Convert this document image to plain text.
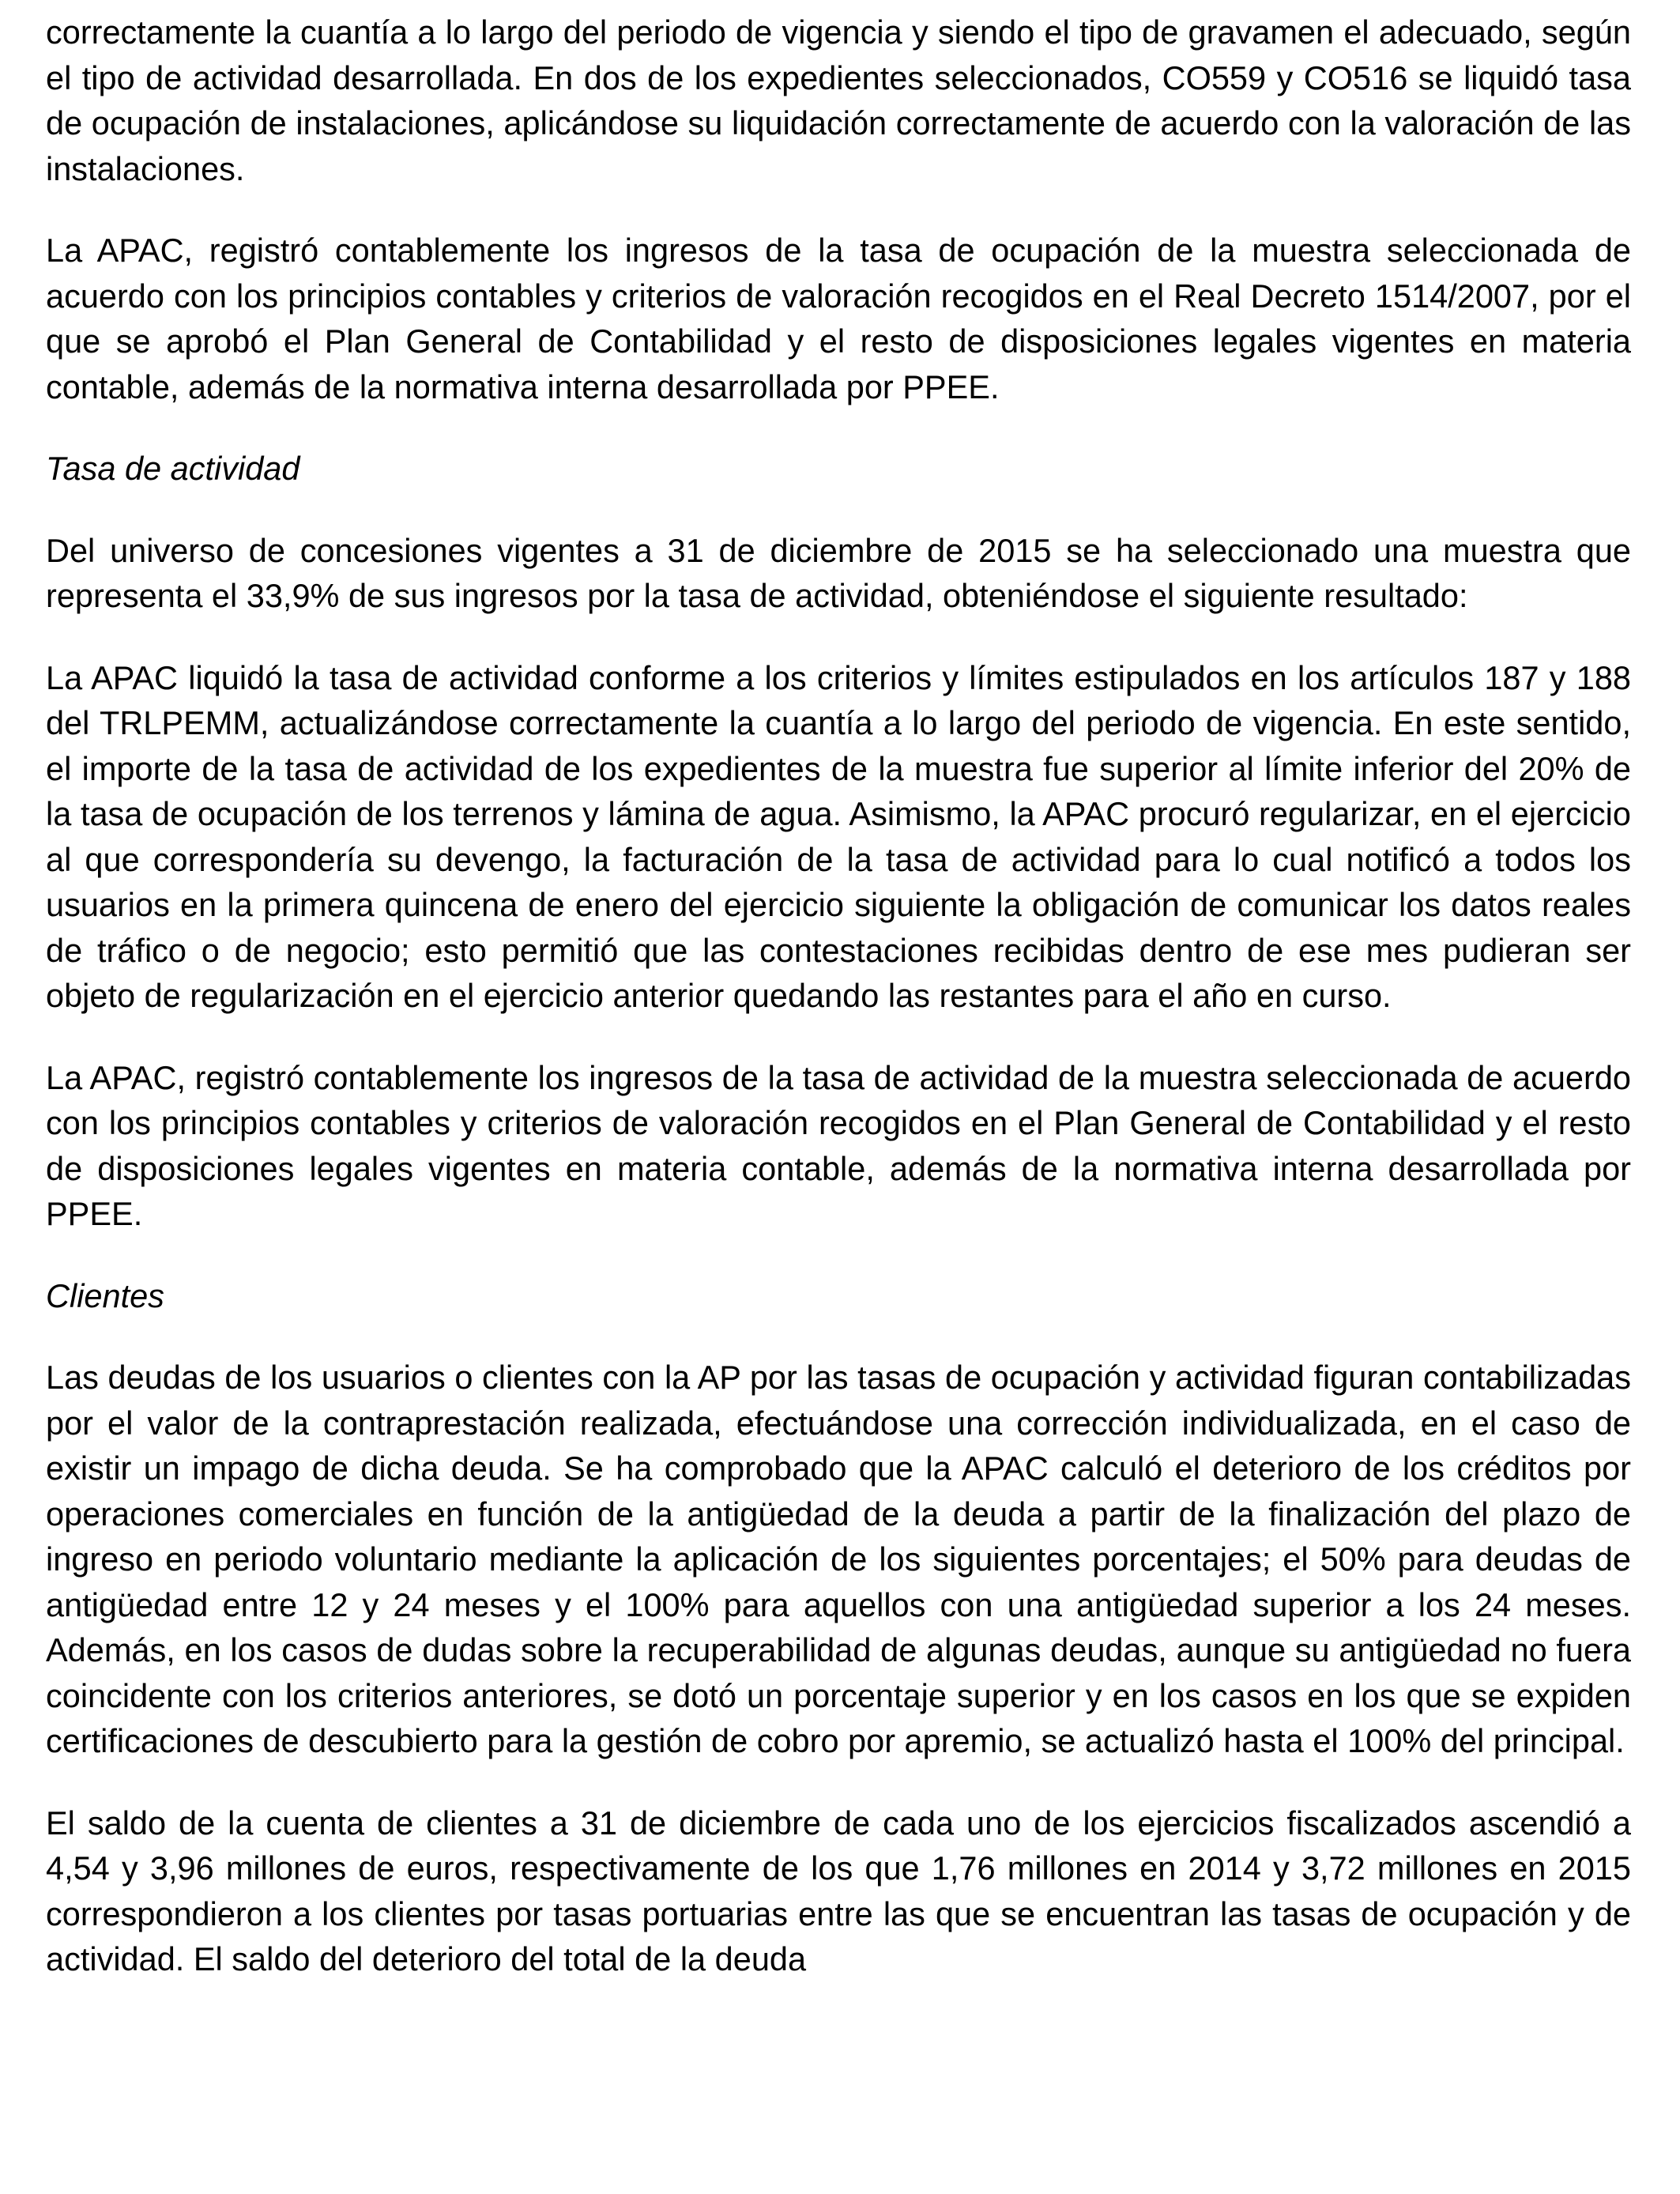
correctamente la cuantía a lo largo del periodo de vigencia y siendo el tipo de gravamen el adecuado, según el tipo de actividad desarrollada. En dos de los expedientes seleccionados, CO559 y CO516 se liquidó tasa de ocupación de instalaciones, aplicándose su liquidación correctamente de acuerdo con la valoración de las instalaciones.

La APAC, registró contablemente los ingresos de la tasa de ocupación de la muestra seleccionada de acuerdo con los principios contables y criterios de valoración recogidos en el Real Decreto 1514/2007, por el que se aprobó el Plan General de Contabilidad y el resto de disposiciones legales vigentes en materia contable, además de la normativa interna desarrollada por PPEE.

Tasa de actividad

Del universo de concesiones vigentes a 31 de diciembre de 2015 se ha seleccionado una muestra que representa el 33,9% de sus ingresos por la tasa de actividad, obteniéndose el siguiente resultado:

La APAC liquidó la tasa de actividad conforme a los criterios y límites estipulados en los artículos 187 y 188 del TRLPEMM, actualizándose correctamente la cuantía a lo largo del periodo de vigencia. En este sentido, el importe de la tasa de actividad de los expedientes de la muestra fue superior al límite inferior del 20% de la tasa de ocupación de los terrenos y lámina de agua. Asimismo, la APAC procuró regularizar, en el ejercicio al que correspondería su devengo, la facturación de la tasa de actividad para lo cual notificó a todos los usuarios en la primera quincena de enero del ejercicio siguiente la obligación de comunicar los datos reales de tráfico o de negocio; esto permitió que las contestaciones recibidas dentro de ese mes pudieran ser objeto de regularización en el ejercicio anterior quedando las restantes para el año en curso.

La APAC, registró contablemente los ingresos de la tasa de actividad de la muestra seleccionada de acuerdo con los principios contables y criterios de valoración recogidos en el Plan General de Contabilidad y el resto de disposiciones legales vigentes en materia contable, además de la normativa interna desarrollada por PPEE.

Clientes

Las deudas de los usuarios o clientes con la AP por las tasas de ocupación y actividad figuran contabilizadas por el valor de la contraprestación realizada, efectuándose una corrección individualizada, en el caso de existir un impago de dicha deuda. Se ha comprobado que la APAC calculó el deterioro de los créditos por operaciones comerciales en función de la antigüedad de la deuda a partir de la finalización del plazo de ingreso en periodo voluntario mediante la aplicación de los siguientes porcentajes; el 50% para deudas de antigüedad entre 12 y 24 meses y el 100% para aquellos con una antigüedad superior a los 24 meses. Además, en los casos de dudas sobre la recuperabilidad de algunas deudas, aunque su antigüedad no fuera coincidente con los criterios anteriores, se dotó un porcentaje superior y en los casos en los que se expiden certificaciones de descubierto para la gestión de cobro por apremio, se actualizó hasta el 100% del principal.

El saldo de la cuenta de clientes a 31 de diciembre de cada uno de los ejercicios fiscalizados ascendió a 4,54 y 3,96 millones de euros, respectivamente de los que 1,76 millones en 2014 y 3,72 millones en 2015 correspondieron a los clientes por tasas portuarias entre las que se encuentran las tasas de ocupación y de actividad. El saldo del deterioro del total de la deuda
